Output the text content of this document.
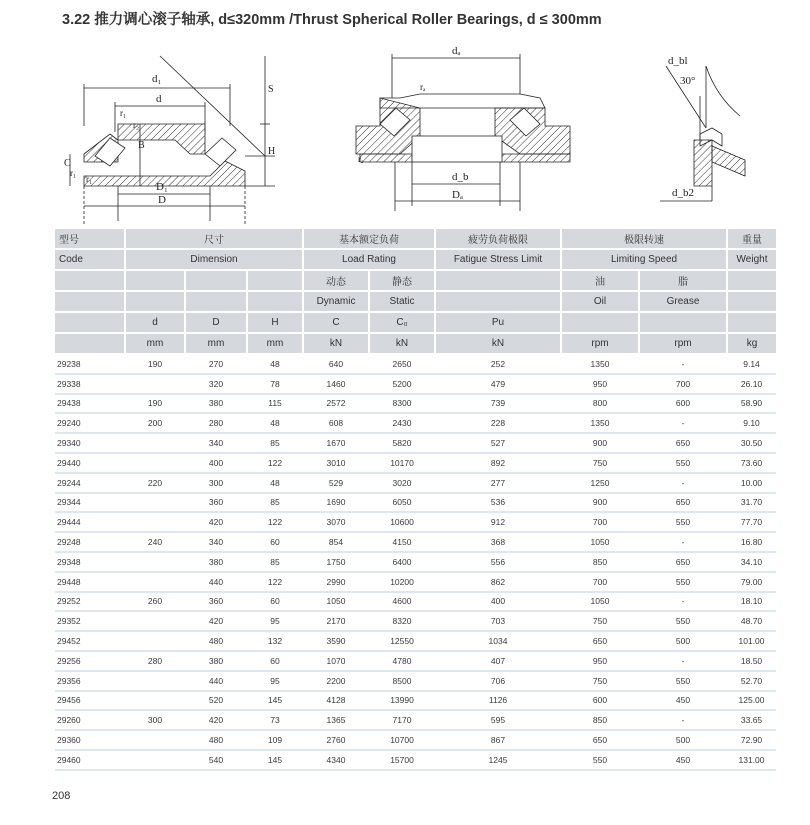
3.22 推力调心滚子轴承, d≤320mm /Thrust Spherical Roller Bearings, d ≤ 300mm
d₁
d
r₁
r₂
B
S
H
C
r₁
r₁
D₁
D
dₐ
rₐ
rₐ
d_b
Dₐ
d_bl
30°
d_b2
型号	尺寸			基本额定负荷		疲劳负荷极限	极限转速		重量
Code	Dimension			Load Rating		Fatigue Stress Limit	Limiting Speed		Weight
				动态	静态		油	脂	
				Dynamic	Static		Oil	Grease	
	d	D	H	C	C₀	Pu			
	mm	mm	mm	kN	kN	kN	rpm	rpm	kg
29238	190	270	48	640	2650	252	1350	-	9.14
29338		320	78	1460	5200	479	950	700	26.10
29438	190	380	115	2572	8300	739	800	600	58.90
29240	200	280	48	608	2430	228	1350	-	9.10
29340		340	85	1670	5820	527	900	650	30.50
29440		400	122	3010	10170	892	750	550	73.60
29244	220	300	48	529	3020	277	1250	-	10.00
29344		360	85	1690	6050	536	900	650	31.70
29444		420	122	3070	10600	912	700	550	77.70
29248	240	340	60	854	4150	368	1050	-	16.80
29348		380	85	1750	6400	556	850	650	34.10
29448		440	122	2990	10200	862	700	550	79.00
29252	260	360	60	1050	4600	400	1050	-	18.10
29352		420	95	2170	8320	703	750	550	48.70
29452		480	132	3590	12550	1034	650	500	101.00
29256	280	380	60	1070	4780	407	950	-	18.50
29356		440	95	2200	8500	706	750	550	52.70
29456		520	145	4128	13990	1126	600	450	125.00
29260	300	420	73	1365	7170	595	850	-	33.65
29360		480	109	2760	10700	867	650	500	72.90
29460		540	145	4340	15700	1245	550	450	131.00
208
